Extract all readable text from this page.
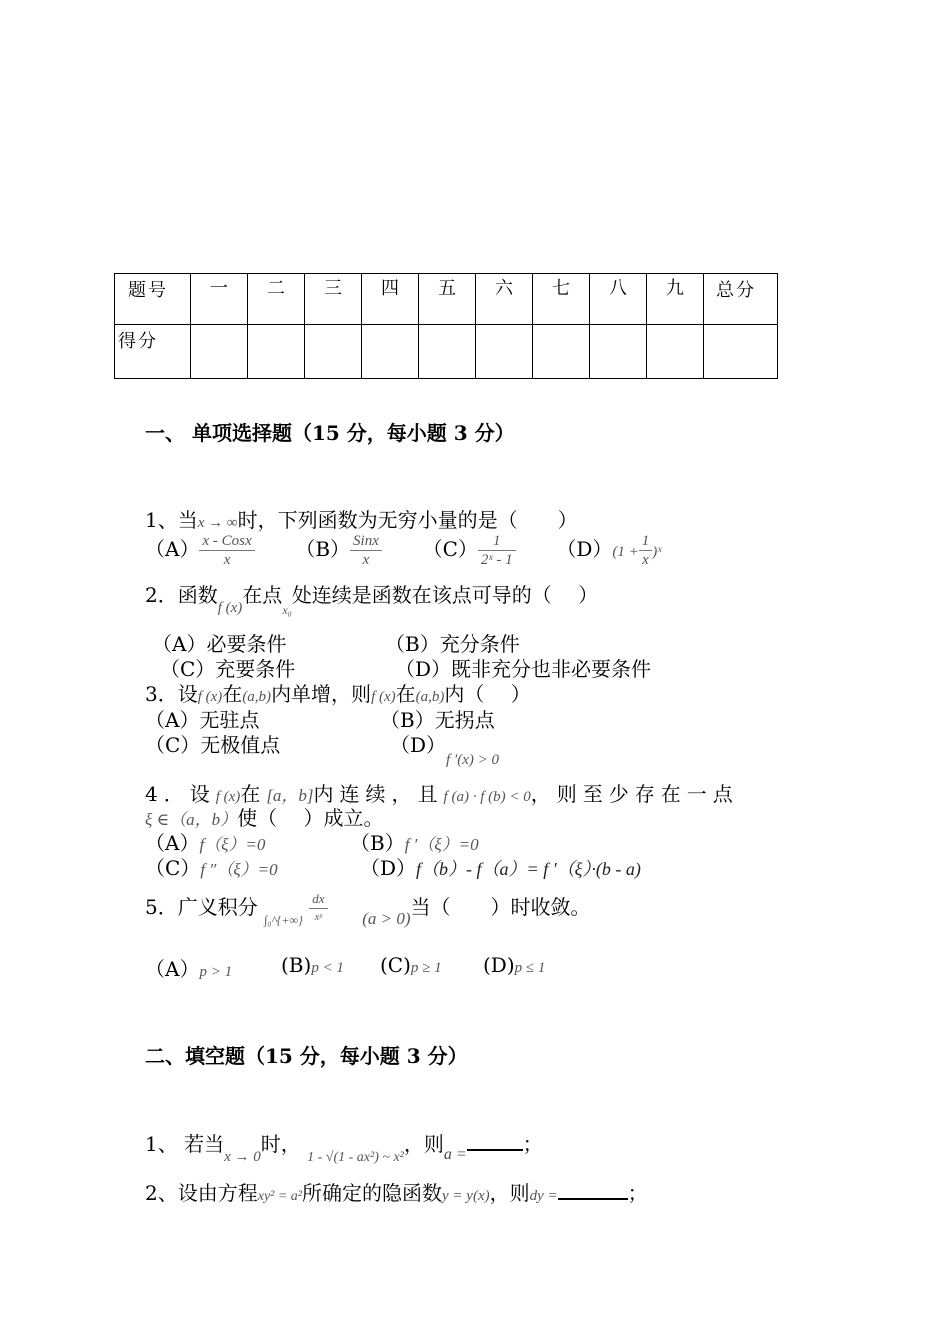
题号	一	二	三	四	五	六	七	八	九	总分

得分										

一、 单项选择题（15 分，每小题 3 分）
1、当x → ∞时，下列函数为无穷小量的是（　　）
$(A) \frac{\text{x - Cosx}}{x} (B) \frac{\text{Sinx}}{x} (C) \frac{1}{\text{2ˣ - 1}} (D)(1 + \frac{1}{x}$ )ˣ
2．函数$_{f (x)}$在点$_{x_0}$处连续是函数在该点可导的（　 ）
（A）必要条件	（B）充分条件
（C）充要条件	（D）既非充分也非必要条件
3．设f (x)在(a,b)内单增，则f (x)在(a,b)内（　 ）
（A）无驻点	（B）无拐点
（C）无极值点	$(D)_{f '(x) > 0}$
4．设f (x)在[a，b]内连续，且f (a) · f (b) < 0，则至少存在一点
ξ ∈（a，b）使（　 ）成立。
（A）f（ξ）=0	（B）f ′（ξ）=0
（C）f ″（ξ）=0	（D）f（b）- f（a）= f ′（ξ）·(b - a)
5．广义积分 $_{\int_0\^{}\{+\infty\}} \frac{dx}{\text{xᵖ}} _{(a > 0)}$当（　　）时收敛。
（A）p > 1 (B)p < 1 (C)p ≥ 1 (D)p ≤ 1
二、填空题（15 分，每小题 3 分）
1、 若当$_{x \to 0}$时， $_{1 - √(1 - ax^2) \sim x^2}$，则$_{a =}$	；
2、设由方程xy² = a²所确定的隐函数y = y(x)，则dy =	；
